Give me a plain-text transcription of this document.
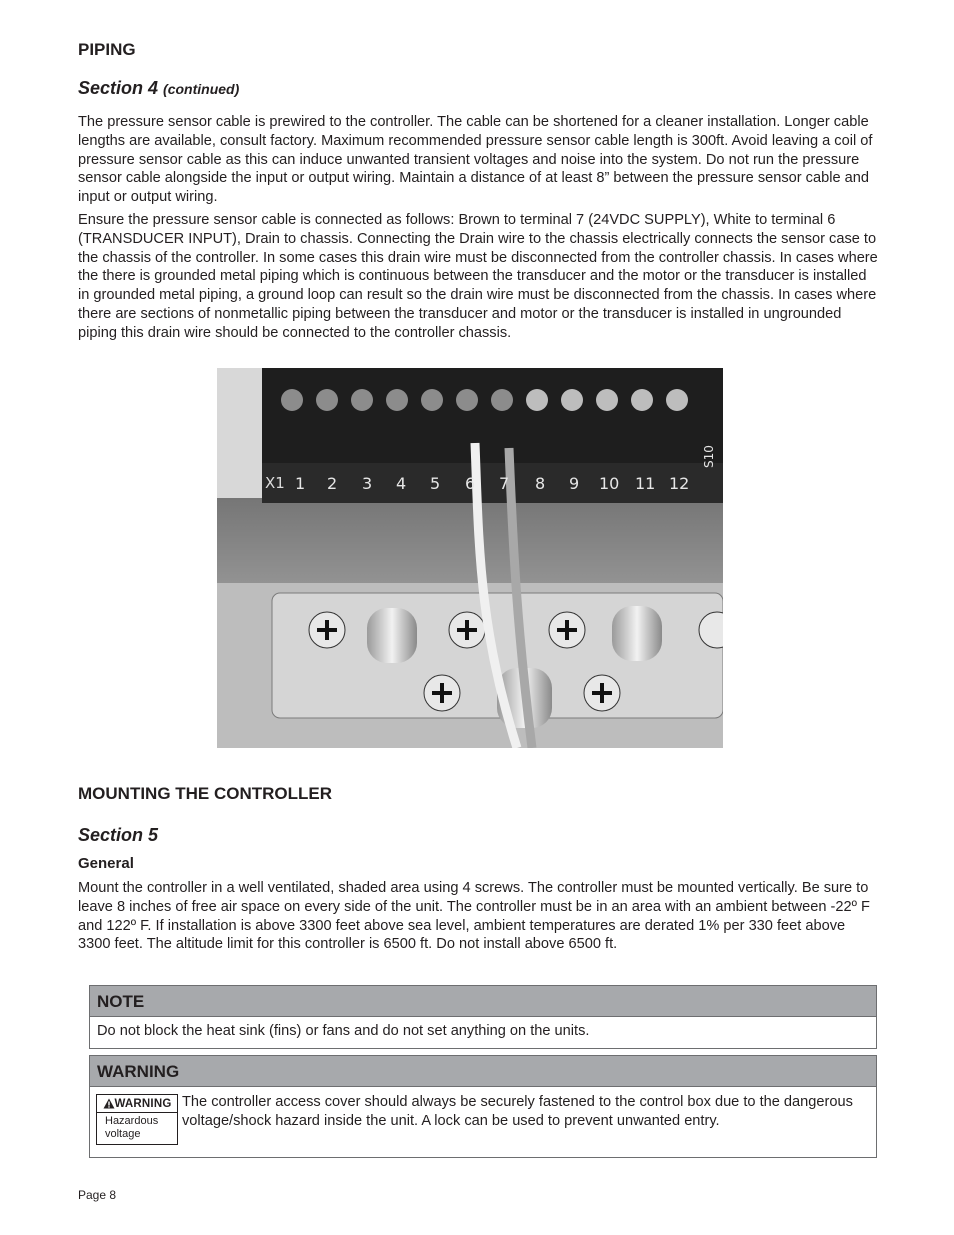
PIPING
Section 4 (continued)

The pressure sensor cable is prewired to the controller. The cable can be shortened for a cleaner installation. Longer cable lengths are available, consult factory. Maximum recommended pressure sensor cable length is 300ft. Avoid leaving a coil of pressure sensor cable as this can induce unwanted transient voltages and noise into the system. Do not run the pressure sensor cable alongside the input or output wiring. Maintain a distance of at least 8” between the pressure sensor cable and input or output wiring.

Ensure the pressure sensor cable is connected as follows: Brown to terminal 7 (24VDC SUPPLY), White to terminal 6 (TRANSDUCER INPUT), Drain to chassis. Connecting the Drain wire to the chassis electrically connects the sensor case to the chassis of the controller. In some cases this drain wire must be disconnected from the controller chassis. In cases where the there is grounded metal piping which is continuous between the transducer and the motor or the transducer is installed in grounded metal piping, a ground loop can result so the drain wire must be disconnected from the chassis. In cases where there are sections of nonmetallic piping between the transducer and motor or the transducer is installed in ungrounded piping this drain wire should be connected to the controller chassis.

X1 1 2 3 4 5 6 7 8 9 10 11 12
S10
MOUNTING THE CONTROLLER
Section 5
General

Mount the controller in a well ventilated, shaded area using 4 screws. The controller must be mounted vertically. Be sure to leave 8 inches of free air space on every side of the unit. The controller must be in an area with an ambient between -22º F and 122º F. If installation is above 3300 feet above sea level, ambient temperatures are derated 1% per 330 feet above 3300 feet. The altitude limit for this controller is 6500 ft. Do not install above 6500 ft.

NOTE
Do not block the heat sink (fins) or fans and do not set anything on the units.
WARNING
WARNING
Hazardous
voltage
The controller access cover should always be securely fastened to the control box due to the dangerous voltage/shock hazard inside the unit. A lock can be used to prevent unwanted entry.
Page 8
